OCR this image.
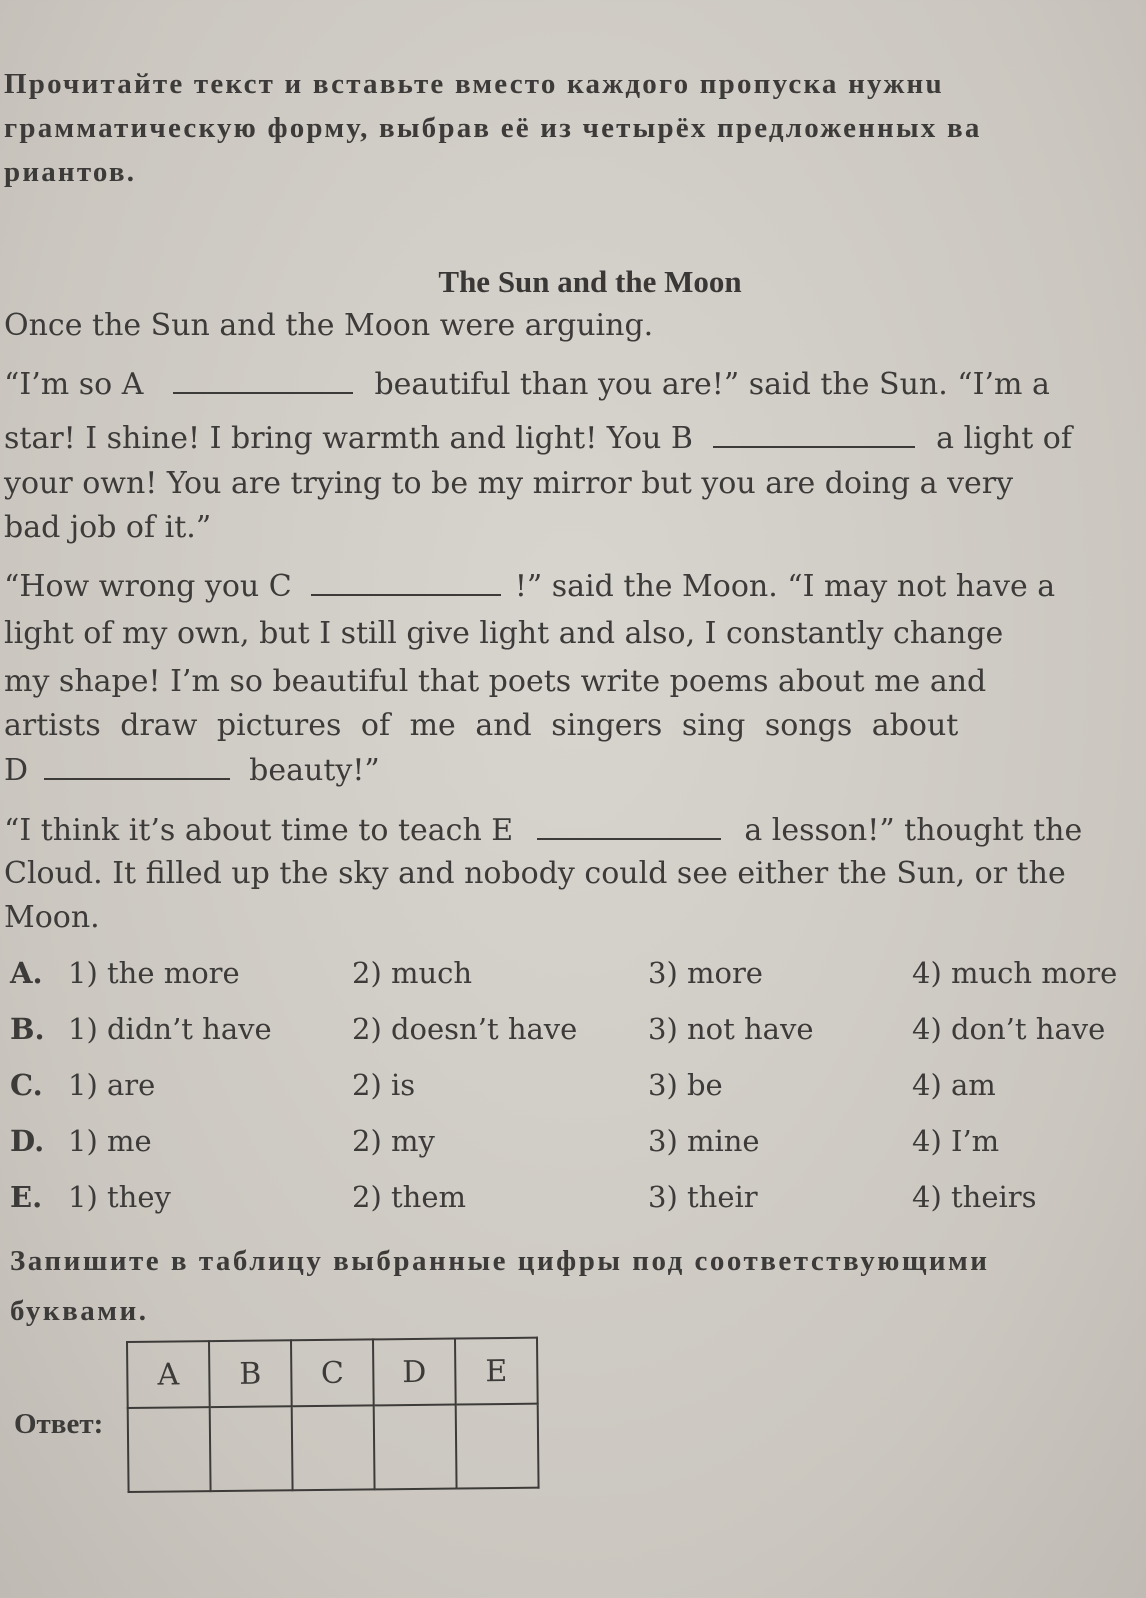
Прочитайте текст и вставьте вместо каждого пропуска нужнu
грамматическую форму, выбрав её из четырёх предложенных ва
риантов.
The Sun and the Moon
Once the Sun and the Moon were arguing.
“I’m so A	beautiful than you are!” said the Sun. “I’m a
star! I shine! I bring warmth and light! You B	a light of
your own! You are trying to be my mirror but you are doing a very
bad job of it.”
“How wrong you C	!” said the Moon. “I may not have a
light of my own, but I still give light and also, I constantly change
my shape! I’m so beautiful that poets write poems about me and
artists draw pictures of me and singers sing songs about
D	beauty!”
“I think it’s about time to teach E	a lesson!” thought the
Cloud. It filled up the sky and nobody could see either the Sun, or the
Moon.
A. 1) the more	2) much	3) more	4) much more
B. 1) didn’t have	2) doesn’t have 3) not have	4) don’t have
C. 1) are	2) is	3) be	4) am
D. 1) me	2) my	3) mine	4) I’m
E. 1) they	2) them	3) their	4) theirs
Запишите в таблицу выбранные цифры под соответствующими
буквами.
Ответ:
A	B	C	D	E
